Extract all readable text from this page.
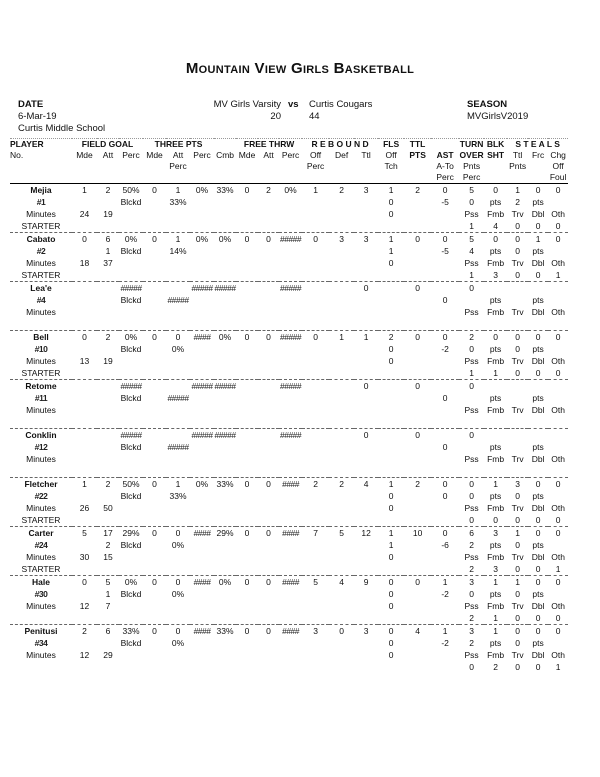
Mountain View Girls Basketball
DATE
6-Mar-19
Curtis Middle School
MV Girls Varsity vs Curtis Cougars
20	44
SEASON
MVGirlsV2019
PLAYER	FIELD GOAL			THREE PTS				FREE THRW			R E B O U N D			FLS	TTL		TURN	BLK	S T E A L S		
No.	Mde	Att	Perc	Mde	Att	Perc	Cmb	Mde	Att	Perc	Off	Def	Ttl	Off	PTS	AST	OVER	SHT	Ttl	Frc	Chg
					Perc						Perc			Tch		A-To	Pnts		Pnts		Off
																Perc	Perc				Foul
Mejia	1	2	50%	0	1	0%	33%	0	2	0%	1	2	3	1	2	0	5	0	1	0	0
#1			Blckd		33%									0		-5	0	pts	2	pts	
Minutes	24	19												0			Pss	Fmb	Trv	Dbl	Oth
STARTER																	1	4	0	0	0
Cabato	0	6	0%	0	1	0%	0%	0	0	#####	0	3	3	1	0	0	5	0	0	1	0
#2		1	Blckd		14%									1		-5	4	pts	0	pts	
Minutes	18	37												0			Pss	Fmb	Trv	Dbl	Oth
STARTER																	1	3	0	0	1
Lea'e			#####			#####	#####			#####			0		0		0				
#4			Blckd		#####											0		pts		pts	
Minutes																	Pss	Fmb	Trv	Dbl	Oth

Bell	0	2	0%	0	0	####	0%	0	0	#####	0	1	1	2	0	0	2	0	0	0	0
#10			Blckd		0%									0		-2	0	pts	0	pts	
Minutes	13	19												0			Pss	Fmb	Trv	Dbl	Oth
STARTER																	1	1	0	0	0
Retome			#####			#####	#####			#####			0		0		0				
#11			Blckd		#####											0		pts		pts	
Minutes																	Pss	Fmb	Trv	Dbl	Oth

Conklin			#####			#####	#####			#####			0		0		0				
#12			Blckd		#####											0		pts		pts	
Minutes																	Pss	Fmb	Trv	Dbl	Oth

Fletcher	1	2	50%	0	1	0%	33%	0	0	####	2	2	4	1	2	0	0	1	3	0	0
#22			Blckd		33%									0		0	0	pts	0	pts	
Minutes	26	50												0			Pss	Fmb	Trv	Dbl	Oth
STARTER																	0	0	0	0	0
Carter	5	17	29%	0	0	####	29%	0	0	####	7	5	12	1	10	0	6	3	1	0	0
#24		2	Blckd		0%									1		-6	2	pts	0	pts	
Minutes	30	15												0			Pss	Fmb	Trv	Dbl	Oth
STARTER																	2	3	0	0	1
Hale	0	5	0%	0	0	####	0%	0	0	####	5	4	9	0	0	1	3	1	1	0	0
#30		1	Blckd		0%									0		-2	0	pts	0	pts	
Minutes	12	7												0			Pss	Fmb	Trv	Dbl	Oth
																	2	1	0	0	0
Penitusi	2	6	33%	0	0	####	33%	0	0	####	3	0	3	0	4	1	3	1	0	0	0
#34			Blckd		0%									0		-2	2	pts	0	pts	
Minutes	12	29												0			Pss	Fmb	Trv	Dbl	Oth
																	0	2	0	0	1
